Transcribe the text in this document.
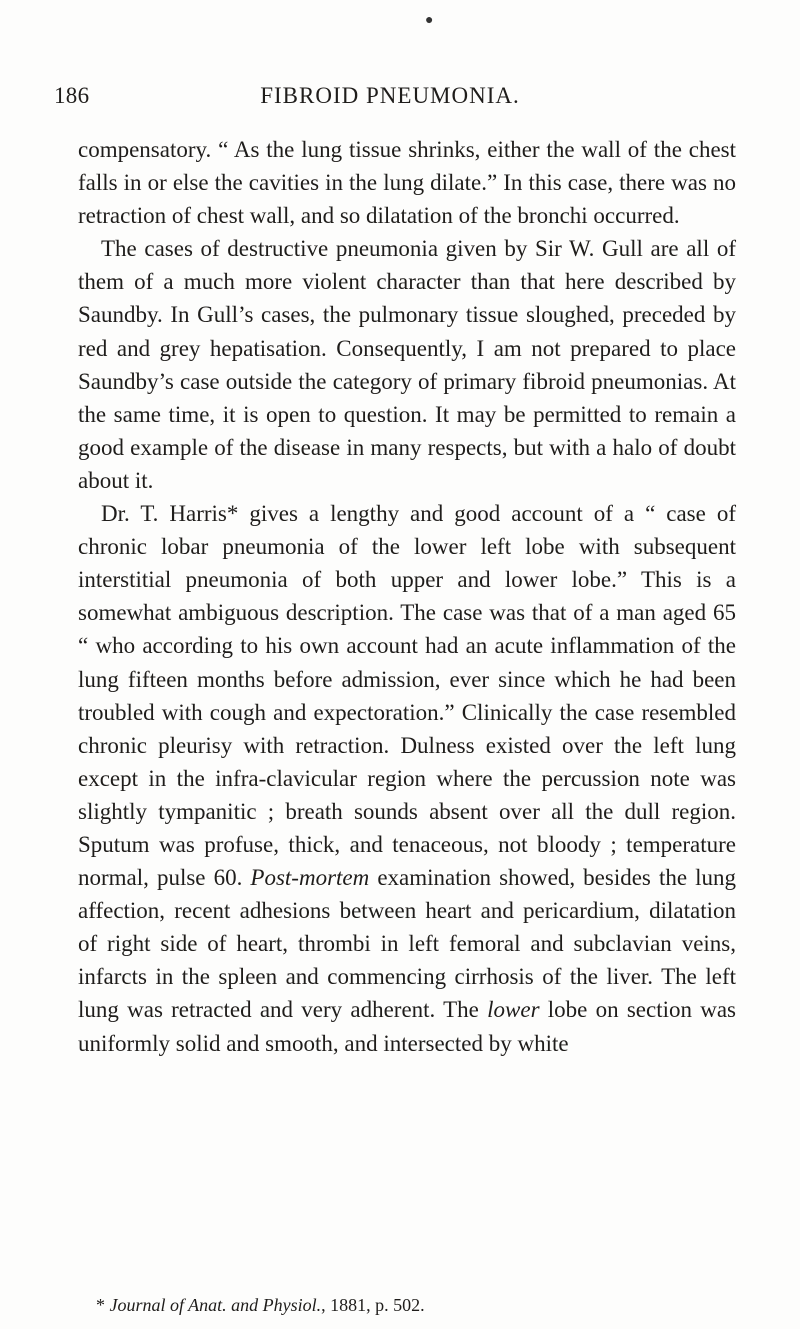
●
186	FIBROID PNEUMONIA.

compensatory. “ As the lung tissue shrinks, either the wall of the chest falls in or else the cavities in the lung dilate.” In this case, there was no retraction of chest wall, and so dilatation of the bronchi occurred.

The cases of destructive pneumonia given by Sir W. Gull are all of them of a much more violent character than that here described by Saundby. In Gull’s cases, the pulmonary tissue sloughed, preceded by red and grey hepatisation. Consequently, I am not prepared to place Saundby’s case outside the category of primary fibroid pneumonias. At the same time, it is open to question. It may be permitted to remain a good example of the disease in many respects, but with a halo of doubt about it.

Dr. T. Harris* gives a lengthy and good account of a “ case of chronic lobar pneumonia of the lower left lobe with subsequent interstitial pneumonia of both upper and lower lobe.” This is a somewhat ambiguous description. The case was that of a man aged 65 “ who according to his own account had an acute inflammation of the lung fifteen months before admission, ever since which he had been troubled with cough and expectoration.” Clinically the case resembled chronic pleurisy with retraction. Dulness existed over the left lung except in the infra-clavicular region where the percussion note was slightly tympanitic ; breath sounds absent over all the dull region. Sputum was profuse, thick, and tenaceous, not bloody ; temperature normal, pulse 60. Post-mortem examination showed, besides the lung affection, recent adhesions between heart and pericardium, dilatation of right side of heart, thrombi in left femoral and subclavian veins, infarcts in the spleen and commencing cirrhosis of the liver. The left lung was retracted and very adherent. The lower lobe on section was uniformly solid and smooth, and intersected by white

* Journal of Anat. and Physiol., 1881, p. 502.
